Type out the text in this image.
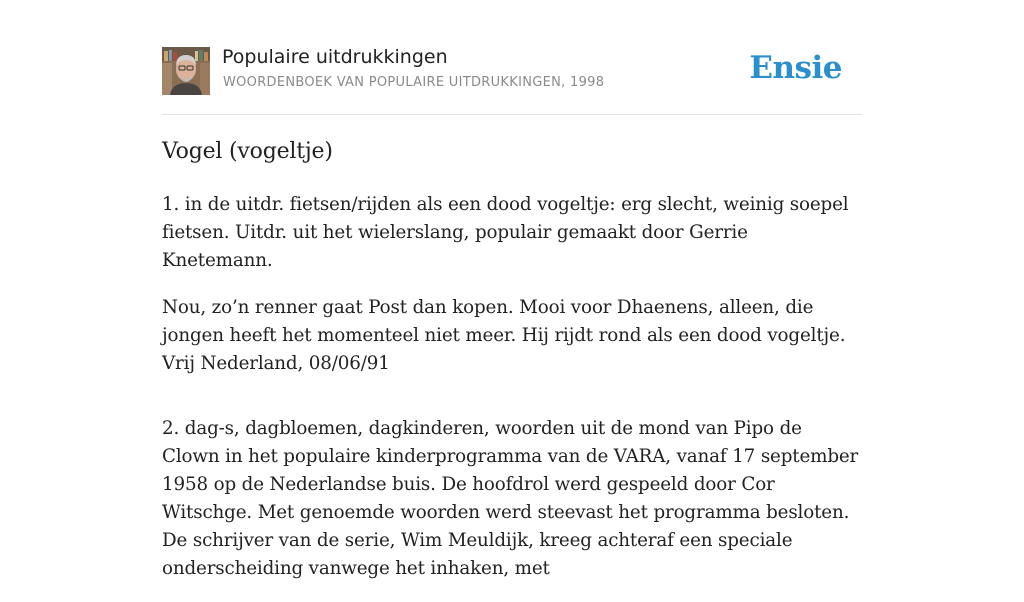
Populaire uitdrukkingen
WOORDENBOEK VAN POPULAIRE UITDRUKKINGEN, 1998	Ensie
Vogel (vogeltje)

1. in de uitdr. fietsen/rijden als een dood vogeltje: erg slecht, weinig soepel fietsen. Uitdr. uit het wielerslang, populair gemaakt door Gerrie Knetemann.

Nou, zo’n renner gaat Post dan kopen. Mooi voor Dhaenens, alleen, die jongen heeft het momenteel niet meer. Hij rijdt rond als een dood vogeltje. Vrij Nederland, 08/06/91

2. dag-s, dagbloemen, dagkinderen, woorden uit de mond van Pipo de Clown in het populaire kinderprogramma van de VARA, vanaf 17 september 1958 op de Nederlandse buis. De hoofdrol werd gespeeld door Cor Witschge. Met genoemde woorden werd steevast het programma besloten. De schrijver van de serie, Wim Meuldijk, kreeg achteraf een speciale onderscheiding vanwege het inhaken, met
